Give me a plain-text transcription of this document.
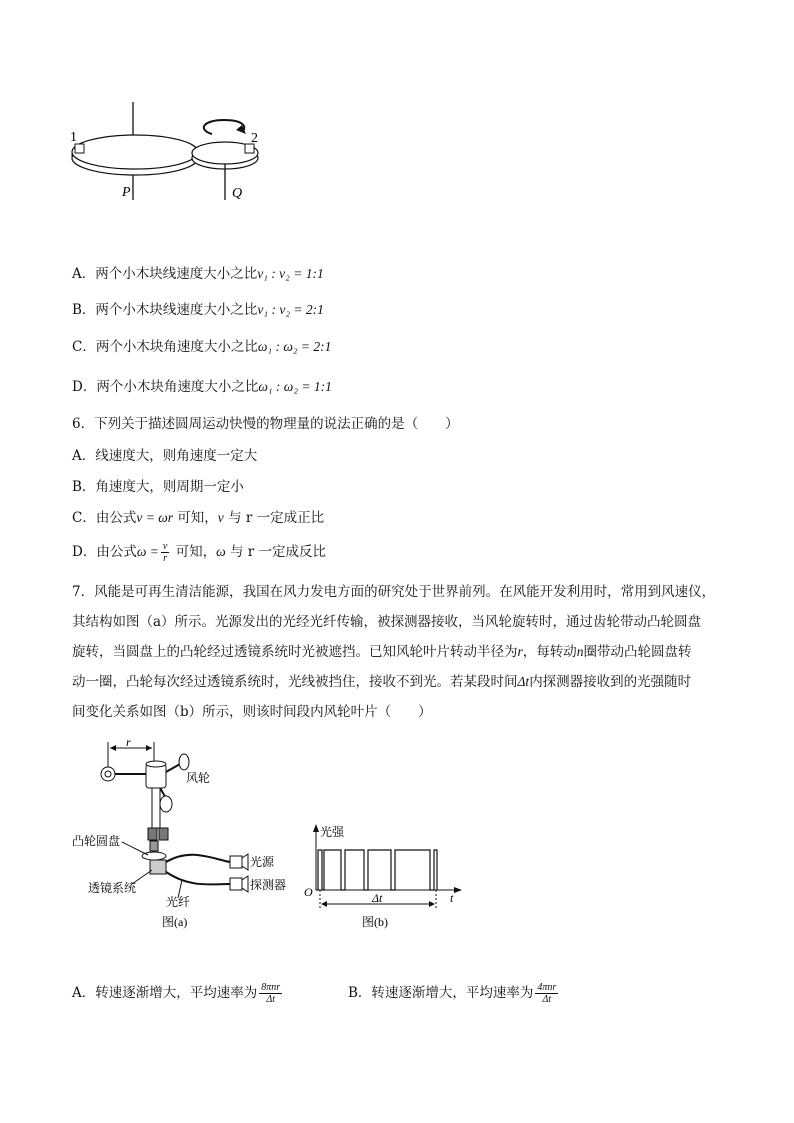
1	2
P	Q
A．两个小木块线速度大小之比v₁ : v₂ = 1:1
B．两个小木块线速度大小之比v₁ : v₂ = 2:1
C．两个小木块角速度大小之比ω₁ : ω₂ = 2:1
D．两个小木块角速度大小之比ω₁ : ω₂ = 1:1
6．下列关于描述圆周运动快慢的物理量的说法正确的是（　　）
A．线速度大，则角速度一定大
B．角速度大，则周期一定小
C．由公式v = ωr 可知，v 与 r 一定成正比
D．由公式$\omega = \frac{v}{r}$ 可知，ω 与 r 一定成反比
7．风能是可再生清洁能源，我国在风力发电方面的研究处于世界前列。在风能开发利用时，常用到风速仪，
其结构如图（a）所示。光源发出的光经光纤传输，被探测器接收，当风轮旋转时，通过齿轮带动凸轮圆盘
旋转，当圆盘上的凸轮经过透镜系统时光被遮挡。已知风轮叶片转动半径为r，每转动n圈带动凸轮圆盘转
动一圈，凸轮每次经过透镜系统时，光线被挡住，接收不到光。若某段时间Δt内探测器接收到的光强随时
间变化关系如图（b）所示，则该时间段内风轮叶片（　　）
r
风轮
凸轮圆盘
透镜系统
光源
探测器
光纤
图(a)
光强
O	t
Δt
图(b)
A．转速逐渐增大，平均速率为 $\frac{\text{8πnr}}{\Delta t}$	B．转速逐渐增大，平均速率为 $\frac{\text{4πnr}}{\Delta t}$
